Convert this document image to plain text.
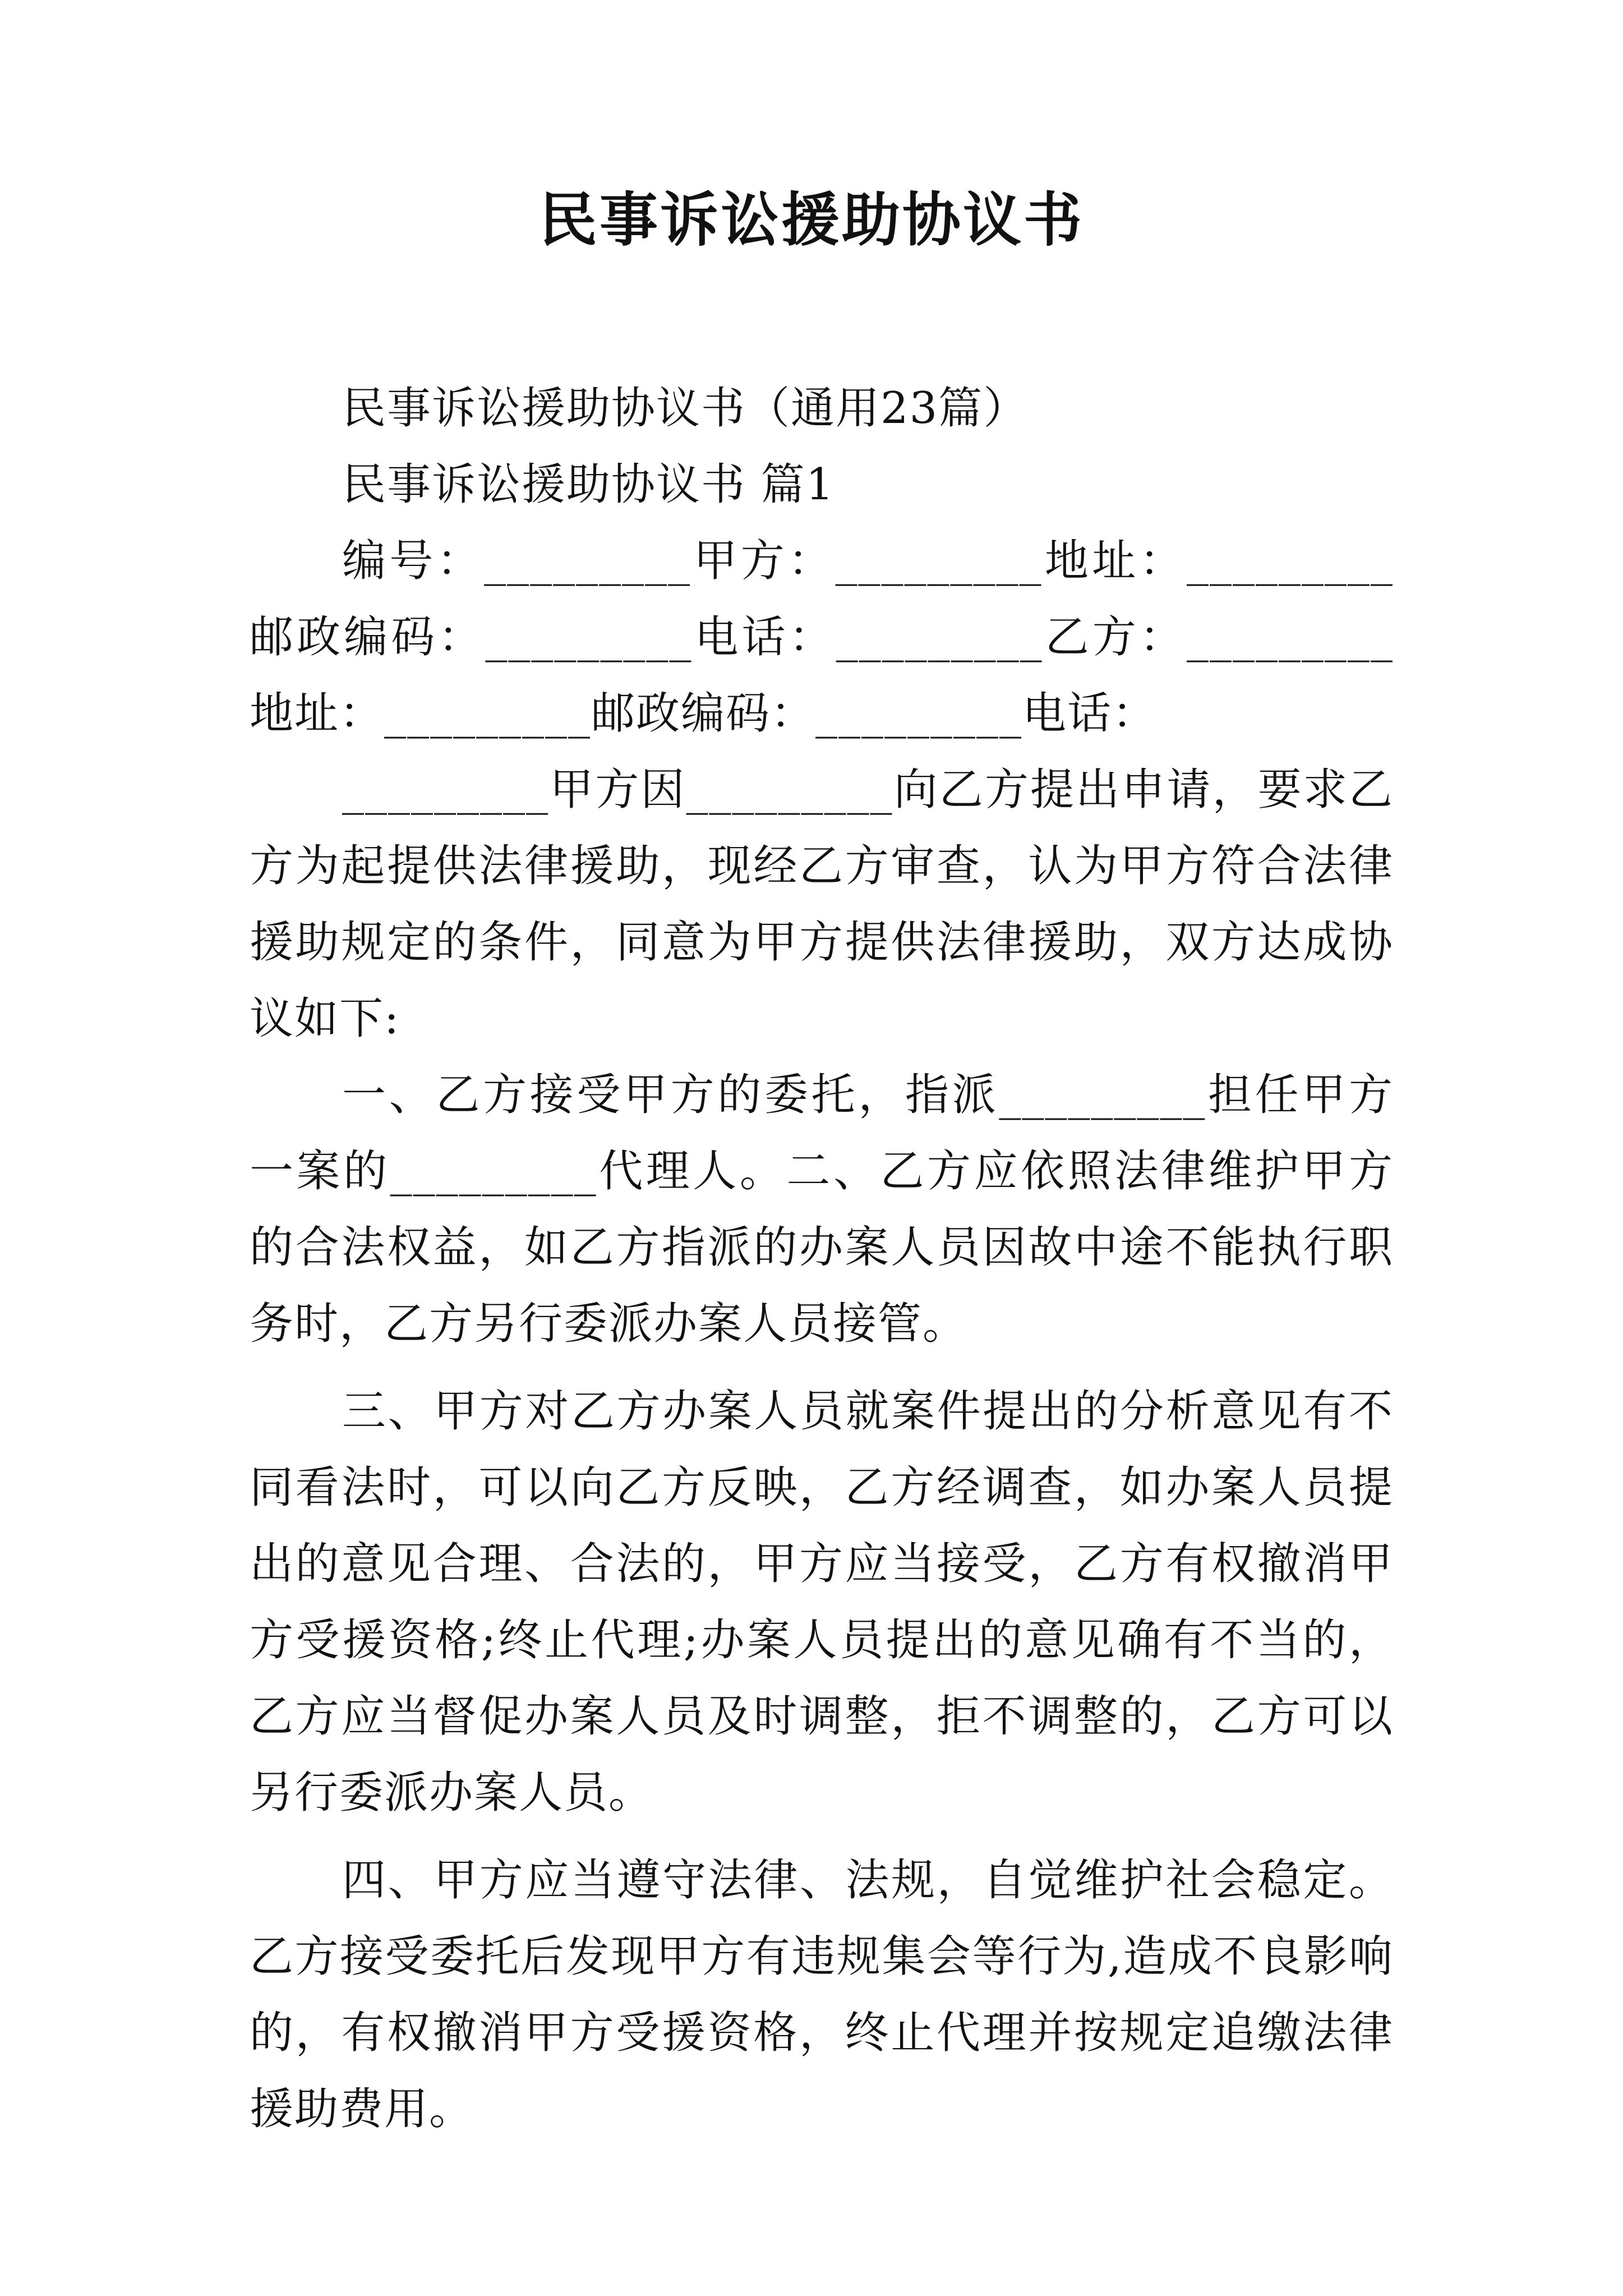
民事诉讼援助协议书

民事诉讼援助协议书（通用23篇）

民事诉讼援助协议书 篇1

编号：_________甲方：_________地址：_________邮政编码：_________电话：_________乙方：_________地址：_________邮政编码：_________电话：

_________甲方因_________向乙方提出申请，要求乙方为起提供法律援助，现经乙方审查，认为甲方符合法律援助规定的条件，同意为甲方提供法律援助，双方达成协议如下:

一、乙方接受甲方的委托，指派_________担任甲方一案的_________代理人。二、乙方应依照法律维护甲方的合法权益，如乙方指派的办案人员因故中途不能执行职务时，乙方另行委派办案人员接管。

三、甲方对乙方办案人员就案件提出的分析意见有不同看法时，可以向乙方反映，乙方经调查，如办案人员提出的意见合理、合法的，甲方应当接受，乙方有权撤消甲方受援资格;终止代理;办案人员提出的意见确有不当的，乙方应当督促办案人员及时调整，拒不调整的，乙方可以另行委派办案人员。

四、甲方应当遵守法律、法规，自觉维护社会稳定。乙方接受委托后发现甲方有违规集会等行为,造成不良影响的，有权撤消甲方受援资格，终止代理并按规定追缴法律援助费用。
